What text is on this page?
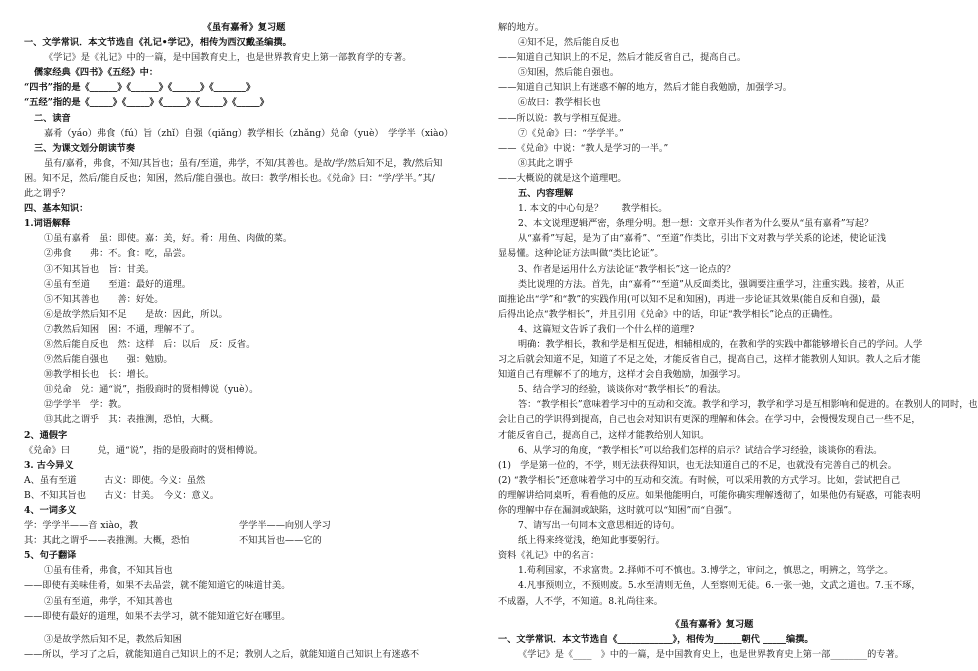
《虽有嘉肴》复习题
一、文学常识．本文节选自《礼记•学记》，相传为西汉戴圣编撰。
《学记》是《礼记》中的一篇，是中国教育史上，也是世界教育史上第一部教育学的专著。
儒家经典《四书》《五经》中：
“四书”指的是《______》《______》《______》《_______》
“五经”指的是《_____》《_____》《_____》《_____》《_____》
二、读音
嘉肴（yáo）弗食（fú）旨（zhǐ）自强（qiǎng）教学相长（zhǎng）兑命（yuè）　学学半（xiào）
三、为课文划分朗读节奏
虽有/嘉肴，弗食，不知/其旨也；虽有/至道，弗学，不知/其善也。是故/学/然后知不足，教/然后知
困。知不足，然后/能自反也；知困，然后/能自强也。故曰：教学/相长也。《兑命》曰：“学/学半。”其/
此之谓乎？
四、基本知识：
1.词语解释
①虽有嘉肴　虽：即使。嘉：美，好。肴：用鱼、肉做的菜。
②弗食　　弗：不。食：吃，品尝。
③不知其旨也　旨：甘美。
④虽有至道　　至道：最好的道理。
⑤不知其善也　　善：好处。
⑥是故学然后知不足　　是故：因此，所以。
⑦教然后知困　困：不通，理解不了。
⑧然后能自反也　然：这样　后：以后　反：反省。
⑨然后能自强也　　强：勉励。
⑩教学相长也　长：增长。
⑪兑命　兑：通“说”，指殷商时的贤相傅说（yuè）。
⑫学学半　学：教。
⑬其此之谓乎　其：表推测，恐怕，大概。
2、通假字
《兑命》曰　　　兑，通“说”，指的是殷商时的贤相傅说。
3. 古今异义
A、虽有至道　　　古义：即使。今义：虽然
B、不知其旨也　　古义：甘美。　今义：意义。
4、一词多义
学：学学半——音 xiào，教	学学半——向别人学习
其：其此之谓乎——表推测。大概，恐怕	不知其旨也——它的
5、句子翻译
①虽有佳肴，弗食，不知其旨也
——即使有美味佳肴，如果不去品尝，就不能知道它的味道甘美。
②虽有至道，弗学，不知其善也
——即使有最好的道理，如果不去学习，就不能知道它好在哪里。
③是故学然后知不足，教然后知困
——所以，学习了之后，就能知道自己知识上的不足；教别人之后，就能知道自己知识上有迷惑不
解的地方。
④知不足，然后能自反也
——知道自己知识上的不足，然后才能反省自己，提高自己。
⑤知困，然后能自强也。
——知道自己知识上有迷惑不解的地方，然后才能自我勉励，加强学习。
⑥故曰：教学相长也
——所以说：教与学相互促进。
⑦《兑命》曰：“学学半。”
——《兑命》中说：“教人是学习的一半。”
⑧其此之谓乎
——大概说的就是这个道理吧。
五、内容理解
1. 本文的中心句是？　　教学相长。
2、本文说理逻辑严密，条理分明。想一想：文章开头作者为什么要从“虽有嘉肴”写起？
从“嘉肴”写起，是为了由“嘉肴”、“至道”作类比，引出下文对教与学关系的论述，使论证浅
显易懂。这种论证方法叫做“类比论证”。
3、作者是运用什么方法论证“教学相长”这一论点的？
类比说理的方法。首先，由“嘉肴”“至道”从反面类比，强调要注重学习，注重实践。接着，从正
面推论出“学”和“教”的实践作用(可以知不足和知困)，再进一步论证其效果(能自反和自强)，最
后得出论点“教学相长”，并且引用《兑命》中的话，印证“教学相长”论点的正确性。
4、这篇短文告诉了我们一个什么样的道理?
明确：教学相长，教和学是相互促进，相辅相成的，在教和学的实践中都能够增长自己的学问。人学
习之后就会知道不足，知道了不足之处，才能反省自己，提高自己，这样才能教别人知识。教人之后才能
知道自己有理解不了的地方，这样才会自我勉励，加强学习。
5、结合学习的经验，谈谈你对“教学相长”的看法。
答：“教学相长”意味着学习中的互动和交流。教学和学习，教学和学习是互相影响和促进的。在教别人的同时，也
会让自己的学识得到提高，自己也会对知识有更深的理解和体会。在学习中，会慢慢发现自己一些不足，
才能反省自己，提高自己，这样才能教给别人知识。
6、从学习的角度，“教学相长”可以给我们怎样的启示？试结合学习经验，谈谈你的看法。
(1)　学是第一位的，不学，则无法获得知识，也无法知道自己的不足，也就没有完善自己的机会。
(2) “教学相长”还意味着学习中的互动和交流。有时候，可以采用教的方式学习。比如，尝试把自己
的理解讲给同桌听，看看他的反应。如果他能明白，可能你确实理解透彻了，如果他仍有疑惑，可能表明
你的理解中存在漏洞或缺陷，这时就可以“知困”而“自强”。
7、请写出一句同本文意思相近的诗句。
纸上得来终觉浅，绝知此事要躬行。
资料《礼记》中的名言：
1.苟利国家，不求富贵。2.择师不可不慎也。3.博学之，审问之，慎思之，明辨之，笃学之。
4.凡事预则立，不预则废。5.水至清则无鱼，人至察则无徒。6.一张一弛，文武之道也。7.玉不琢，
不成器，人不学，不知道。8.礼尚往来。
《虽有嘉肴》复习题
一、文学常识．本文节选自《____________》，相传为______朝代 _____编撰。
《学记》是《____　》中的一篇，是中国教育史上，也是世界教育史上第一部________的专著。
